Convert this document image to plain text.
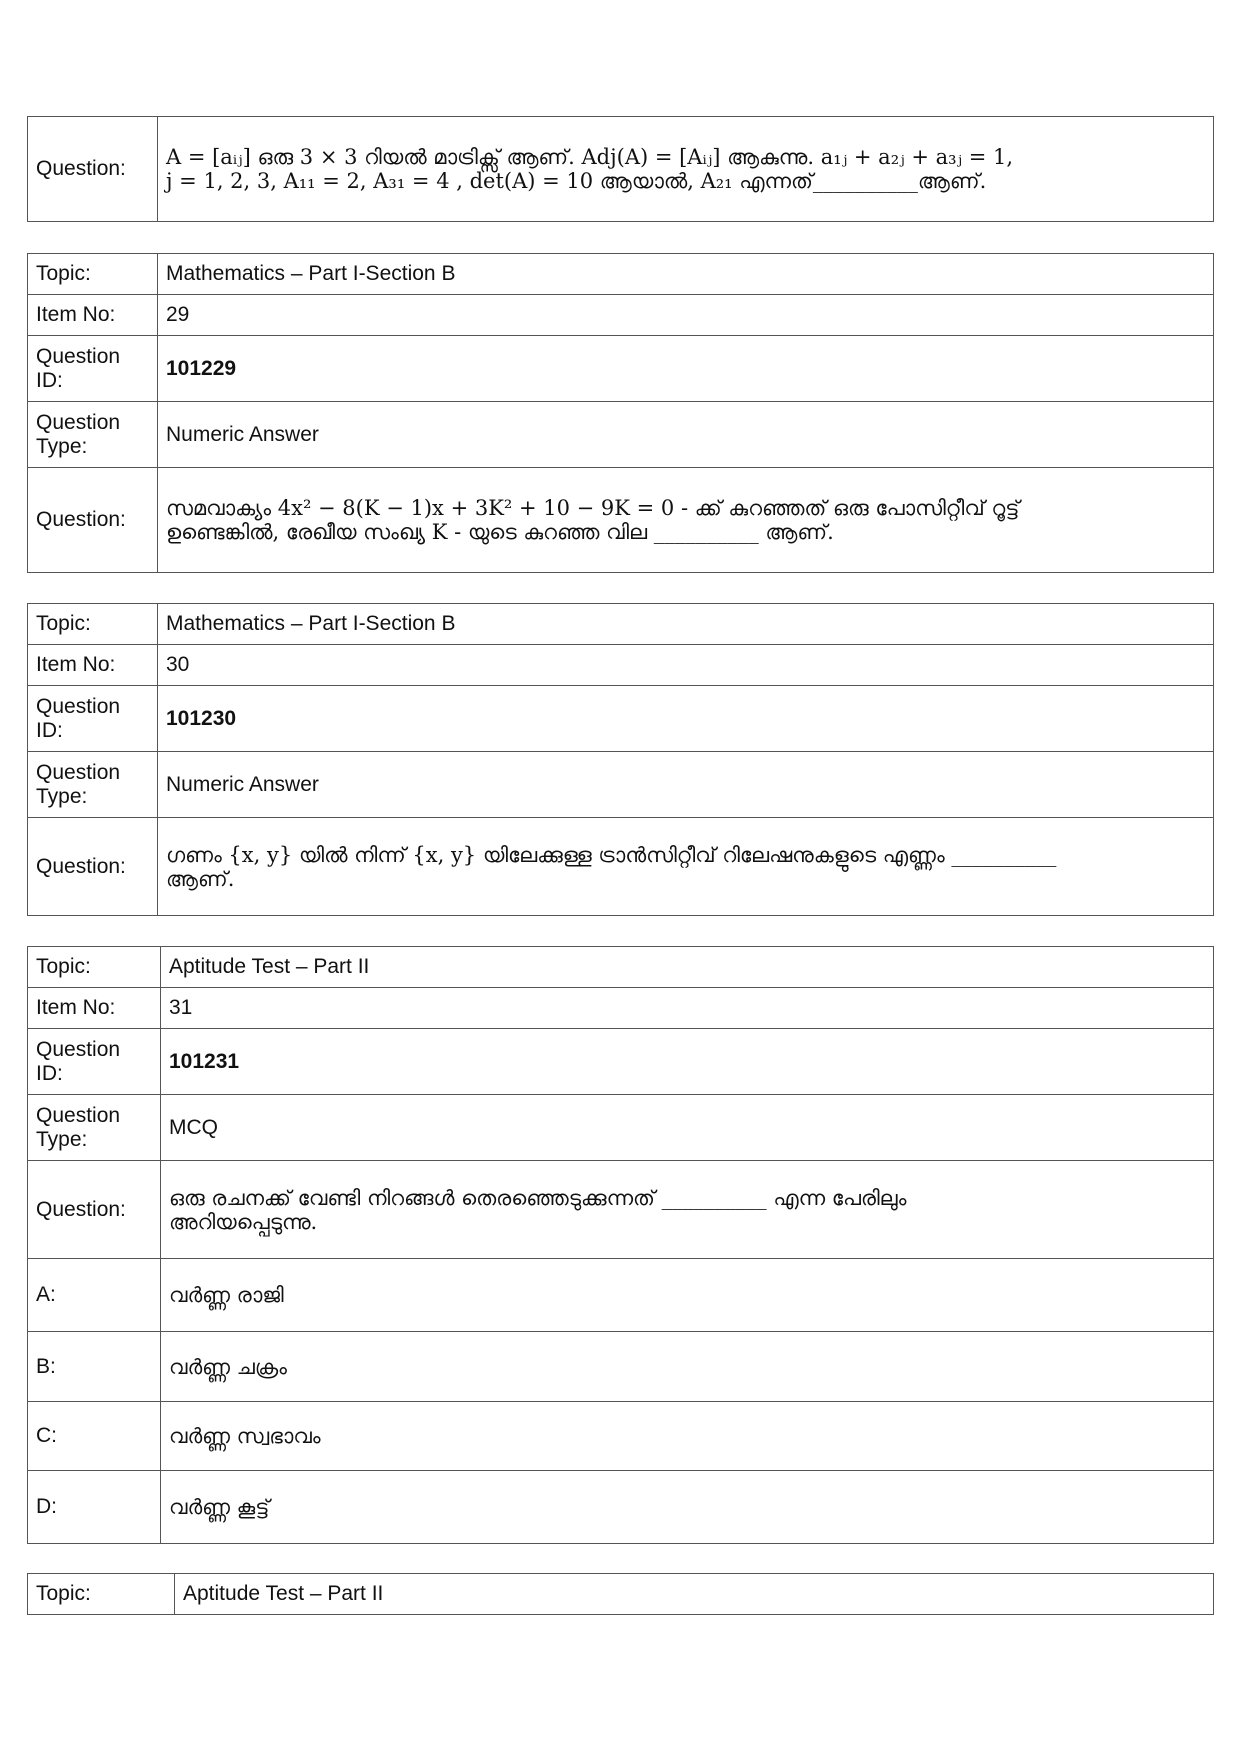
Question:	A = [aᵢⱼ] ഒരു 3 × 3 റിയൽ മാട്രിക്സ് ആണ്. Adj(A) = [Aᵢⱼ] ആകുന്നു. a₁ⱼ + a₂ⱼ + a₃ⱼ = 1,
j = 1, 2, 3, A₁₁ = 2, A₃₁ = 4 , det(A) = 10 ആയാൽ, A₂₁ എന്നത്__________ആണ്.
Topic:	Mathematics – Part I-Section B
Item No:	29
Question ID:	101229
Question Type:	Numeric Answer
Question:	സമവാക്യം 4x² − 8(K − 1)x + 3K² + 10 − 9K = 0 - ക്ക് കുറഞ്ഞത് ഒരു പോസിറ്റീവ് റൂട്ട്
ഉണ്ടെങ്കിൽ, രേഖീയ സംഖ്യ K - യുടെ കുറഞ്ഞ വില __________ ആണ്.
Topic:	Mathematics – Part I-Section B
Item No:	30
Question ID:	101230
Question Type:	Numeric Answer
Question:	ഗണം {x, y} യിൽ നിന്ന് {x, y} യിലേക്കുള്ള ട്രാൻസിറ്റീവ് റിലേഷനുകളുടെ എണ്ണം __________
ആണ്.
Topic:	Aptitude Test – Part II
Item No:	31
Question ID:	101231
Question Type:	MCQ
Question:	ഒരു രചനക്ക് വേണ്ടി നിറങ്ങൾ തെരഞ്ഞെടുക്കുന്നത് __________ എന്ന പേരിലും
അറിയപ്പെടുന്നു.

A:	വർണ്ണ രാജി
B:	വർണ്ണ ചക്രം
C:	വർണ്ണ സ്വഭാവം
D:	വർണ്ണ കൂട്ട്
Topic:	Aptitude Test – Part II
